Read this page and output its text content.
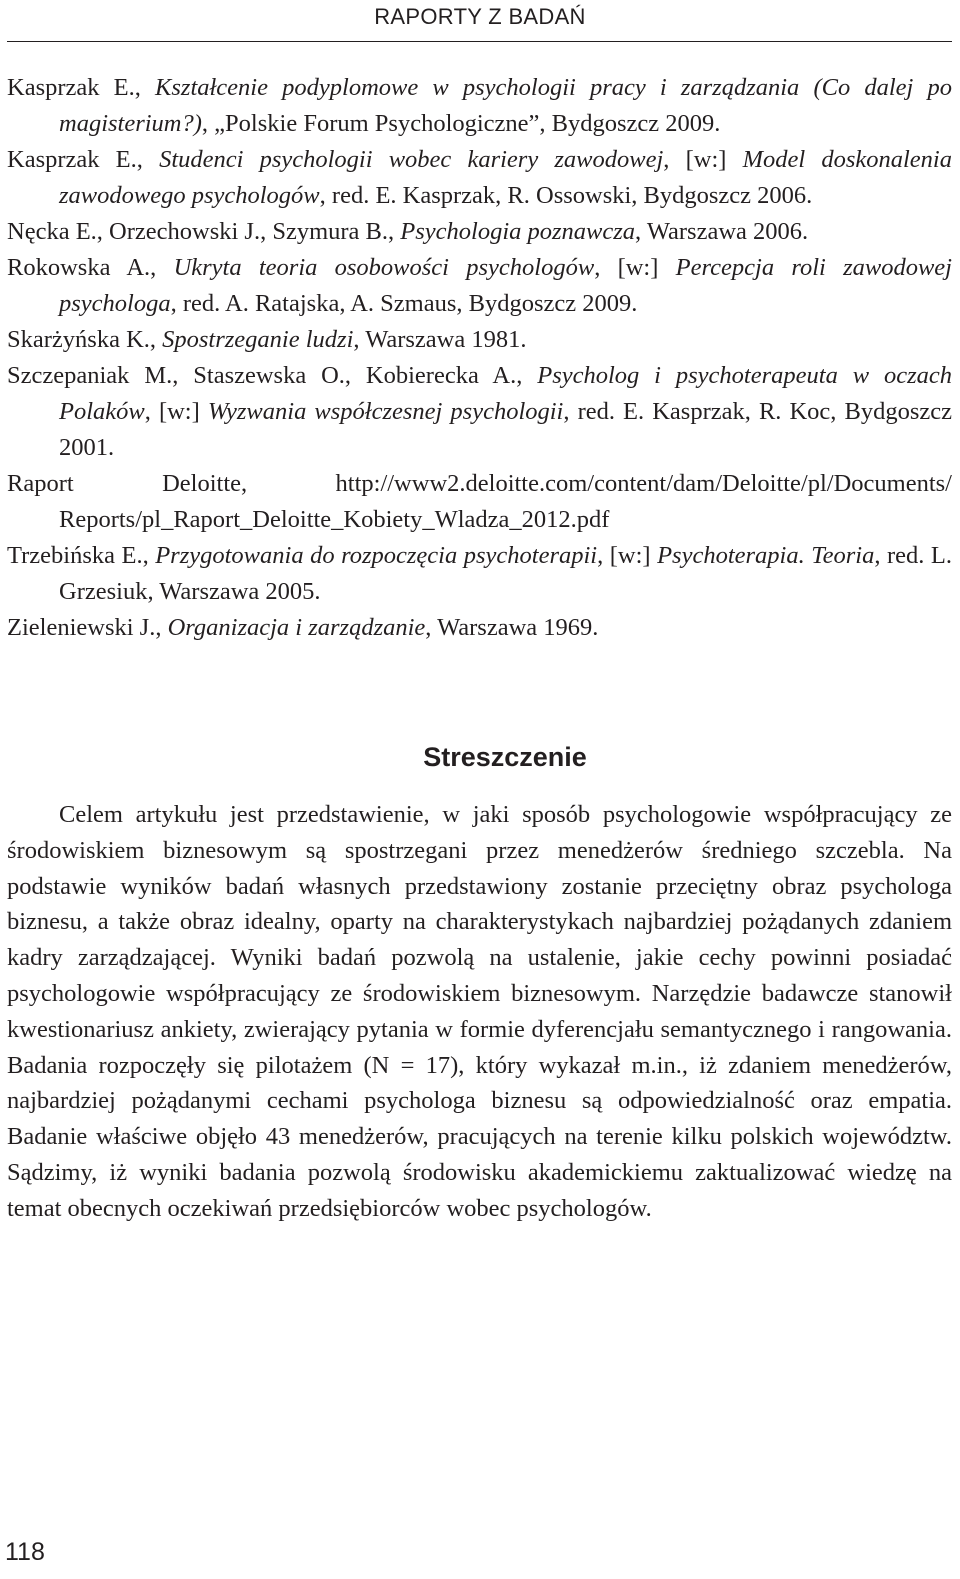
RAPORTY Z BADAŃ
Kasprzak E., Kształcenie podyplomowe w psychologii pracy i zarządzania (Co dalej po magisterium?), „Polskie Forum Psychologiczne”, Bydgoszcz 2009.
Kasprzak E., Studenci psychologii wobec kariery zawodowej, [w:] Model doskonalenia zawodowego psychologów, red. E. Kasprzak, R. Ossowski, Bydgoszcz 2006.
Nęcka E., Orzechowski J., Szymura B., Psychologia poznawcza, Warszawa 2006.
Rokowska A., Ukryta teoria osobowości psychologów, [w:] Percepcja roli zawodowej psychologa, red. A. Ratajska, A. Szmaus, Bydgoszcz 2009.
Skarżyńska K., Spostrzeganie ludzi, Warszawa 1981.
Szczepaniak M., Staszewska O., Kobierecka A., Psycholog i psychoterapeuta w oczach Polaków, [w:] Wyzwania współczesnej psychologii, red. E. Kasprzak, R. Koc, Bydgoszcz 2001.
Raport Deloitte, http://www2.deloitte.com/content/dam/Deloitte/pl/Documents/ Reports/pl_Raport_Deloitte_Kobiety_Wladza_2012.pdf
Trzebińska E., Przygotowania do rozpoczęcia psychoterapii, [w:] Psychoterapia. Teoria, red. L. Grzesiuk, Warszawa 2005.
Zieleniewski J., Organizacja i zarządzanie, Warszawa 1969.
Streszczenie

Celem artykułu jest przedstawienie, w jaki sposób psychologowie współpracujący ze środowiskiem biznesowym są spostrzegani przez menedżerów średniego szczebla. Na podstawie wyników badań własnych przedstawiony zostanie przeciętny obraz psychologa biznesu, a także obraz idealny, oparty na charakterystykach najbardziej pożądanych zdaniem kadry zarządzającej. Wyniki badań pozwolą na ustalenie, jakie cechy powinni posiadać psychologowie współpracujący ze środowiskiem biznesowym. Narzędzie badawcze stanowił kwestionariusz ankiety, zwierający pytania w formie dyferencjału semantycznego i rangowania. Badania rozpoczęły się pilotażem (N = 17), który wykazał m.in., iż zdaniem menedżerów, najbardziej pożądanymi cechami psychologa biznesu są odpowiedzialność oraz empatia. Badanie właściwe objęło 43 menedżerów, pracujących na terenie kilku polskich województw. Sądzimy, iż wyniki badania pozwolą środowisku akademickiemu zaktualizować wiedzę na temat obecnych oczekiwań przedsiębiorców wobec psychologów.

118
